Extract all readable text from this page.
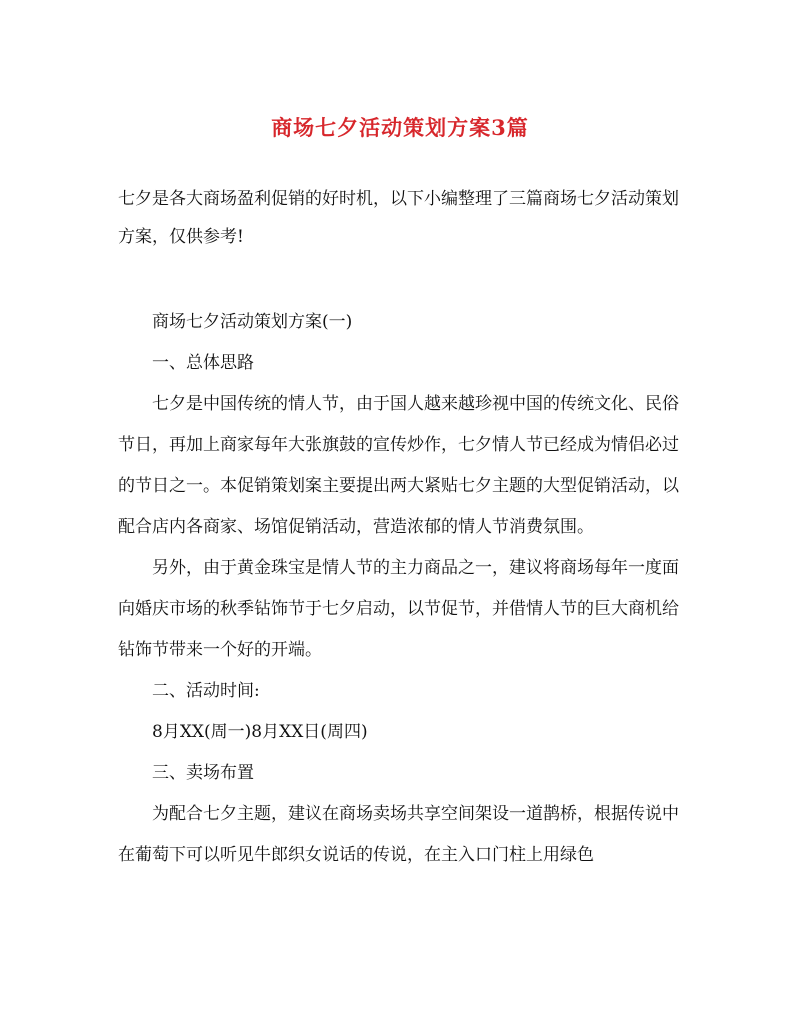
商场七夕活动策划方案3篇
七夕是各大商场盈利促销的好时机，以下小编整理了三篇商场七夕活动策划方案，仅供参考!

商场七夕活动策划方案(一)

一、总体思路

七夕是中国传统的情人节，由于国人越来越珍视中国的传统文化、民俗节日，再加上商家每年大张旗鼓的宣传炒作，七夕情人节已经成为情侣必过的节日之一。本促销策划案主要提出两大紧贴七夕主题的大型促销活动，以配合店内各商家、场馆促销活动，营造浓郁的情人节消费氛围。

另外，由于黄金珠宝是情人节的主力商品之一，建议将商场每年一度面向婚庆市场的秋季钻饰节于七夕启动，以节促节，并借情人节的巨大商机给钻饰节带来一个好的开端。

二、活动时间:

8月XX(周一)8月XX日(周四)

三、卖场布置

为配合七夕主题，建议在商场卖场共享空间架设一道鹊桥，根据传说中在葡萄下可以听见牛郎织女说话的传说，在主入口门柱上用绿色
